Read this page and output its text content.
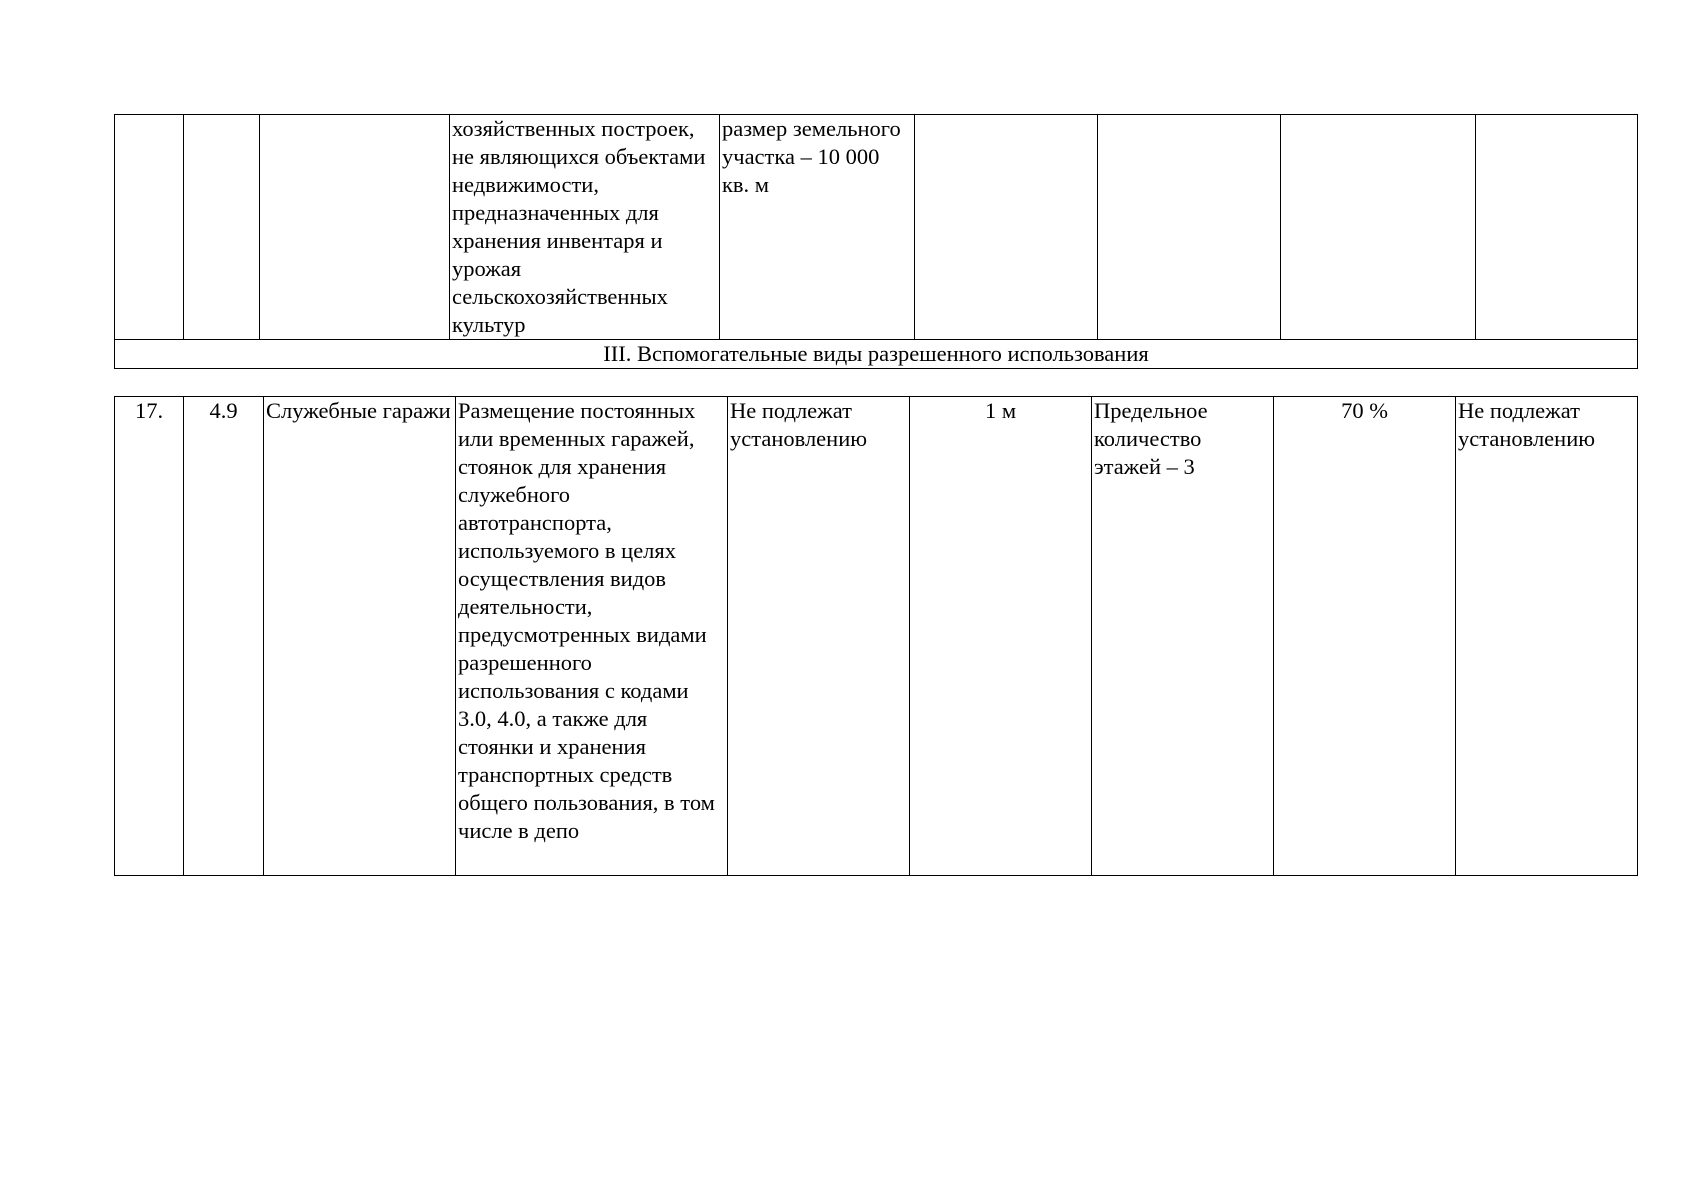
			хозяйственных построек, не являющихся объектами недвижимости, предназначенных для хранения инвентаря и урожая сельскохозяйственных культур	размер земельного участка – 10 000 кв. м				
III. Вспомогательные виды разрешенного использования
17.	4.9	Служебные гаражи	Размещение постоянных или временных гаражей, стоянок для хранения служебного автотранспорта, используемого в целях осуществления видов деятельности, предусмотренных видами разрешенного использования с кодами 3.0, 4.0, а также для стоянки и хранения транспортных средств общего пользования, в том числе в депо	Не подлежат установлению	1 м	Предельное количество этажей – 3	70 %	Не подлежат установлению
